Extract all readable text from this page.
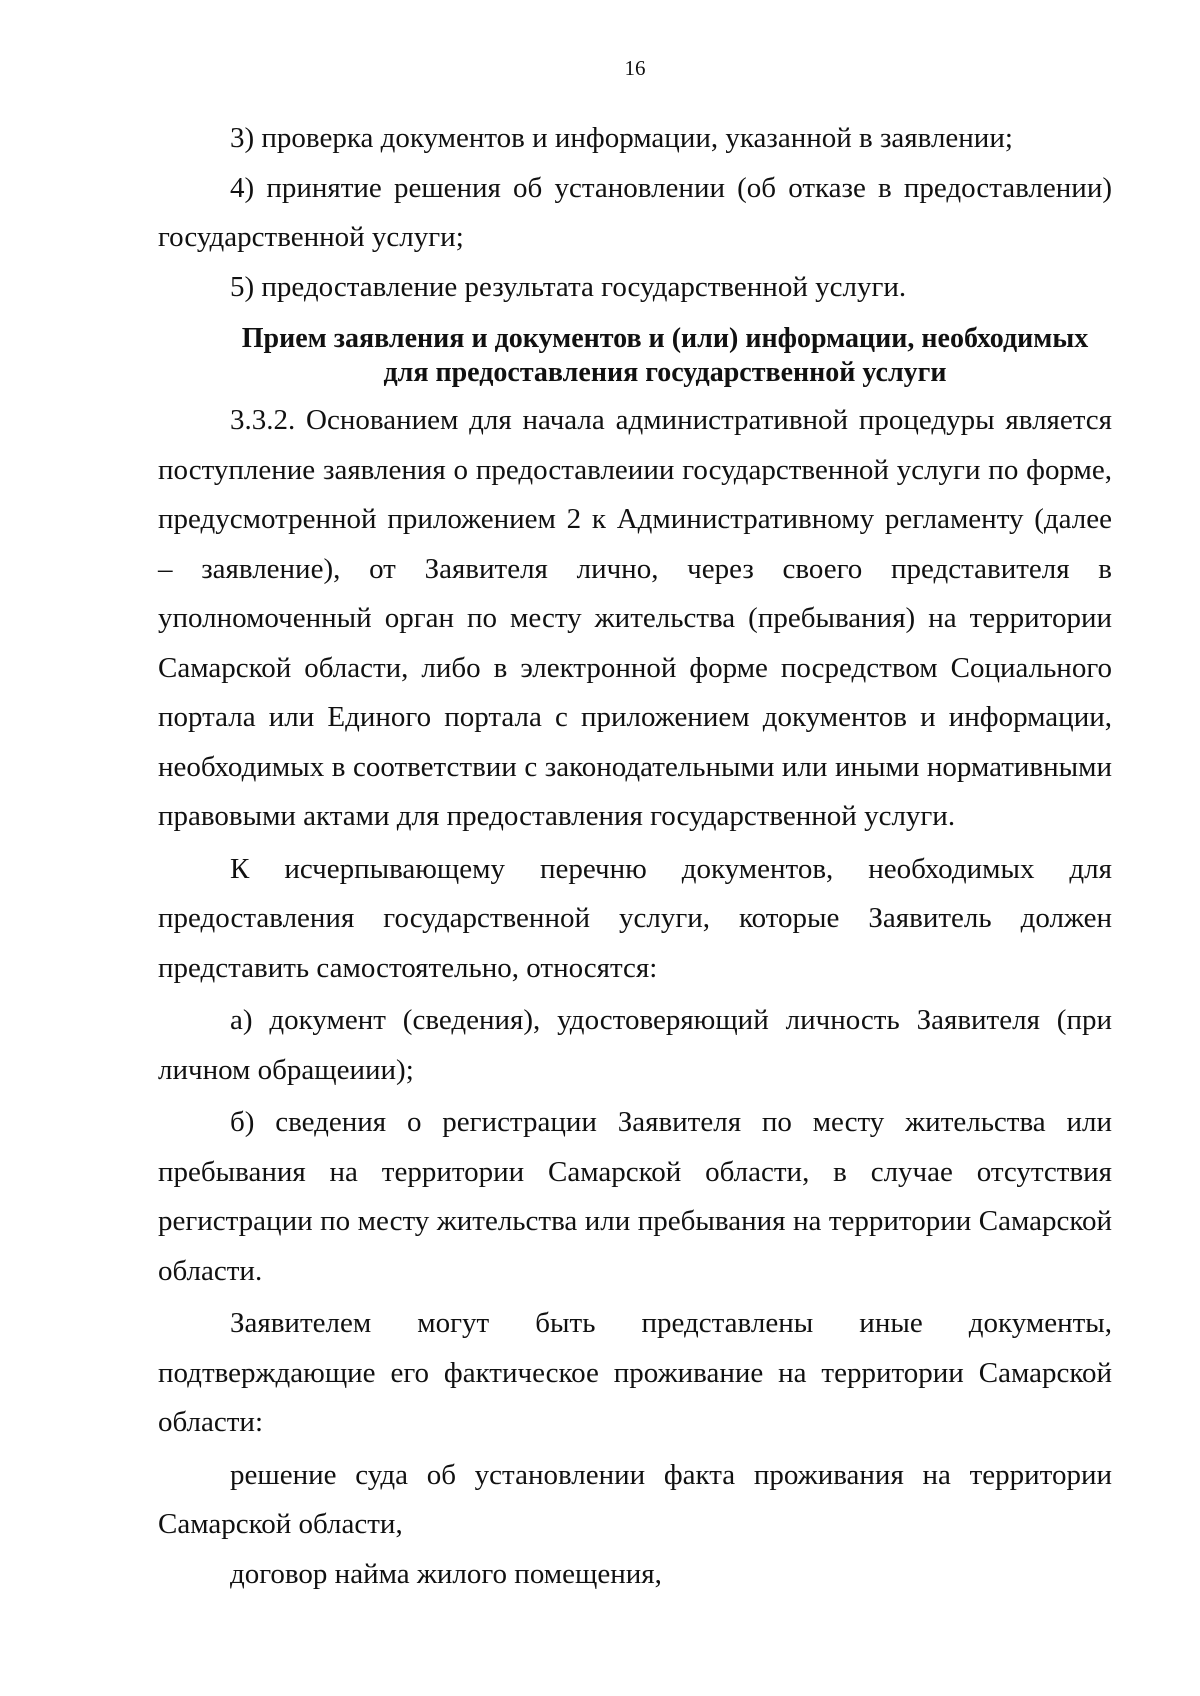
16

3) проверка документов и информации, указанной в заявлении;

4) принятие решения об установлении (об отказе в предоставлении) государственной услуги;

5) предоставление результата государственной услуги.

Прием заявления и документов и (или) информации, необходимых
для предоставления государственной услуги

3.3.2. Основанием для начала административной процедуры является поступление заявления о предоставлеиии государственной услуги по форме, предусмотренной приложением 2 к Административному регламенту (далее – заявление), от Заявителя лично, через своего представителя в уполномоченный орган по месту жительства (пребывания) на территории Самарской области, либо в электронной форме посредством Социального портала или Единого портала с приложением документов и информации, необходимых в соответствии с законодательными или иными нормативными правовыми актами для предоставления государственной услуги.

К исчерпывающему перечню документов, необходимых для предоставления государственной услуги, которые Заявитель должен представить самостоятельно, относятся:

а) документ (сведения), удостоверяющий личность Заявителя (при личном обращеиии);

б) сведения о регистрации Заявителя по месту жительства или пребывания на территории Самарской области, в случае отсутствия регистрации по месту жительства или пребывания на территории Самарской области.

Заявителем могут быть представлены иные документы, подтверждающие его фактическое проживание на территории Самарской области:

решение суда об установлении факта проживания на территории Самарской области,

договор найма жилого помещения,
